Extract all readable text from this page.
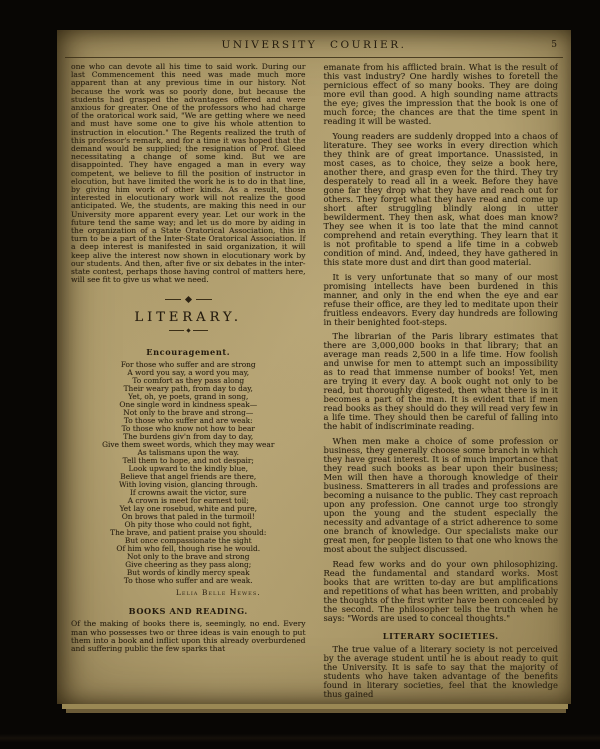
UNIVERSITY COURIER.	5

one who can devote all his time to said work. During our last Commencement this need was made much more apparent than at any previous time in our history. Not because the work was so poorly done, but because the students had grasped the advantages offered and were anxious for greater. One of the professors who had charge of the oratorical work said, "We are getting where we need and must have some one to give his whole attention to instruction in elocution." The Regents realized the truth of this professor's remark, and for a time it was hoped that the demand would be supplied; the resignation of Prof. Gleed necessitating a change of some kind. But we are disappointed. They have engaged a man in every way competent, we believe to fill the position of instructor in elocution, but have limited the work he is to do in that line, by giving him work of other kinds. As a result, those interested in elocutionary work will not realize the good anticipated. We, the students, are making this need in our University more apparent every year. Let our work in the future tend the same way; and let us do more by aiding in the organization of a State Oratorical Association, this in turn to be a part of the Inter-State Oratorical Association. If a deep interest is manifested in said organization, it will keep alive the interest now shown in elocutionary work by our students. And then, after five or six debates in the inter-state contest, perhaps those having control of matters here, will see fit to give us what we need.

LITERARY.
Encouragement.
For those who suffer and are strong
A word you say, a word you may,
To comfort as they pass along
Their weary path, from day to day,
Yet, oh, ye poets, grand in song,
One single word in kindness speak—
Not only to the brave and strong—
To those who suffer and are weak:
To those who know not how to bear
The burdens giv'n from day to day,
Give them sweet words, which they may wear
As talismans upon the way.
Tell them to hope, and not despair;
Look upward to the kindly blue,
Believe that angel friends are there,
With loving vision, glancing through.
If crowns await the victor, sure
A crown is meet for earnest toil;
Yet lay one rosebud, white and pure,
On brows that paled in the turmoil!
Oh pity those who could not fight,
The brave, and patient praise you should:
But once compassionate the sight
Of him who fell, though rise he would.
Not only to the brave and strong
Give cheering as they pass along;
But words of kindly mercy speak
To those who suffer and are weak.
Lelia Belle Hewes.
BOOKS AND READING.

Of the making of books there is, seemingly, no end. Every man who possesses two or three ideas is vain enough to put them into a book and inflict upon this already overburdened and suffering public the few sparks that

emanate from his afflicted brain. What is the result of this vast industry? One hardly wishes to foretell the pernicious effect of so many books. They are doing more evil than good. A high sounding name attracts the eye; gives the impression that the book is one of much force; the chances are that the time spent in reading it will be wasted.

Young readers are suddenly dropped into a chaos of literature. They see works in every direction which they think are of great importance. Unassisted, in most cases, as to choice, they seize a book here, another there, and grasp even for the third. They try desperately to read all in a week. Before they have gone far they drop what they have and reach out for others. They forget what they have read and come up short after struggling blindly along in utter bewilderment. They then ask, what does man know? They see when it is too late that the mind cannot comprehend and retain everything. They learn that it is not profitable to spend a life time in a cobweb condition of mind. And, indeed, they have gathered in this state more dust and dirt than good material.

It is very unfortunate that so many of our most promising intellects have been burdened in this manner, and only in the end when the eye and ear refuse their office, are they led to meditate upon their fruitless endeavors. Every day hundreds are following in their benighted foot-steps.

The librarian of the Paris library estimates that there are 3,000,000 books in that library; that an average man reads 2,500 in a life time. How foolish and unwise for men to attempt such an impossibility as to read that immense number of books! Yet, men are trying it every day. A book ought not only to be read, but thoroughly digested, then what there is in it becomes a part of the man. It is evident that if men read books as they should do they will read very few in a life time. They should then be careful of falling into the habit of indiscriminate reading.

When men make a choice of some profession or business, they generally choose some branch in which they have great interest. It is of much importance that they read such books as bear upon their business; Men will then have a thorough knowledge of their business. Smatterers in all trades and professions are becoming a nuisance to the public. They cast reproach upon any profession. One cannot urge too strongly upon the young and the student especially the necessity and advantage of a strict adherence to some one branch of knowledge. Our specialists make our great men, for people listen to that one who knows the most about the subject discussed.

Read few works and do your own philosophizing. Read the fundamental and standard works. Most books that are written to-day are but amplifications and repetitions of what has been written, and probably the thoughts of the first writer have been concealed by the second. The philosopher tells the truth when he says: "Words are used to conceal thoughts."

LITERARY SOCIETIES.

The true value of a literary society is not perceived by the average student until he is about ready to quit the University. It is safe to say that the majority of students who have taken advantage of the benefits found in literary societies, feel that the knowledge thus gained
